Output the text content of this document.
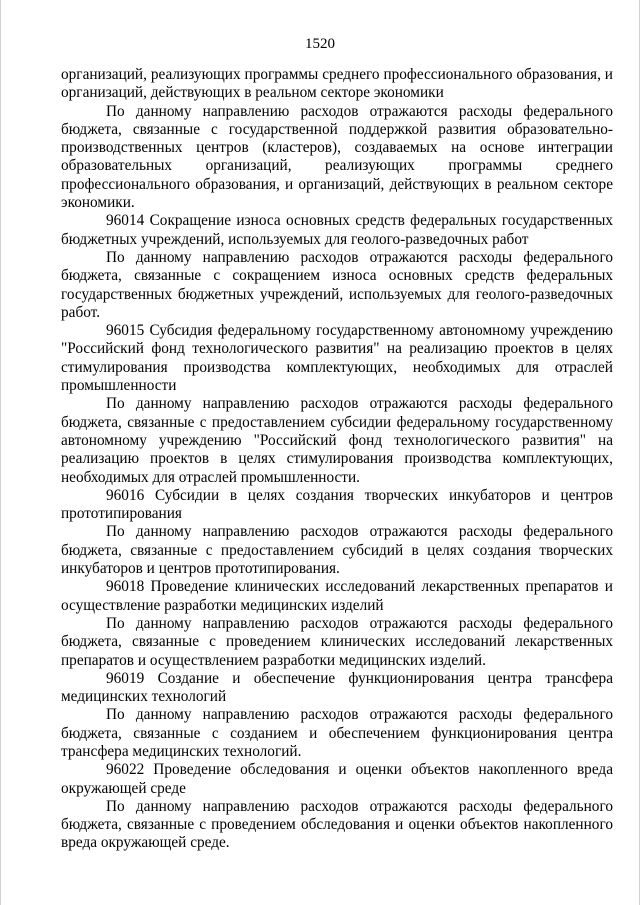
1520

организаций, реализующих программы среднего профессионального образования, и организаций, действующих в реальном секторе экономики

По данному направлению расходов отражаются расходы федерального бюджета, связанные с государственной поддержкой развития образовательно-производственных центров (кластеров), создаваемых на основе интеграции образовательных организаций, реализующих программы среднего профессионального образования, и организаций, действующих в реальном секторе экономики.

96014 Сокращение износа основных средств федеральных государственных бюджетных учреждений, используемых для геолого-разведочных работ

По данному направлению расходов отражаются расходы федерального бюджета, связанные с сокращением износа основных средств федеральных государственных бюджетных учреждений, используемых для геолого-разведочных работ.

96015 Субсидия федеральному государственному автономному учреждению "Российский фонд технологического развития" на реализацию проектов в целях стимулирования производства комплектующих, необходимых для отраслей промышленности

По данному направлению расходов отражаются расходы федерального бюджета, связанные с предоставлением субсидии федеральному государственному автономному учреждению "Российский фонд технологического развития" на реализацию проектов в целях стимулирования производства комплектующих, необходимых для отраслей промышленности.

96016 Субсидии в целях создания творческих инкубаторов и центров прототипирования

По данному направлению расходов отражаются расходы федерального бюджета, связанные с предоставлением субсидий в целях создания творческих инкубаторов и центров прототипирования.

96018 Проведение клинических исследований лекарственных препаратов и осуществление разработки медицинских изделий

По данному направлению расходов отражаются расходы федерального бюджета, связанные с проведением клинических исследований лекарственных препаратов и осуществлением разработки медицинских изделий.

96019 Создание и обеспечение функционирования центра трансфера медицинских технологий

По данному направлению расходов отражаются расходы федерального бюджета, связанные с созданием и обеспечением функционирования центра трансфера медицинских технологий.

96022 Проведение обследования и оценки объектов накопленного вреда окружающей среде

По данному направлению расходов отражаются расходы федерального бюджета, связанные с проведением обследования и оценки объектов накопленного вреда окружающей среде.
